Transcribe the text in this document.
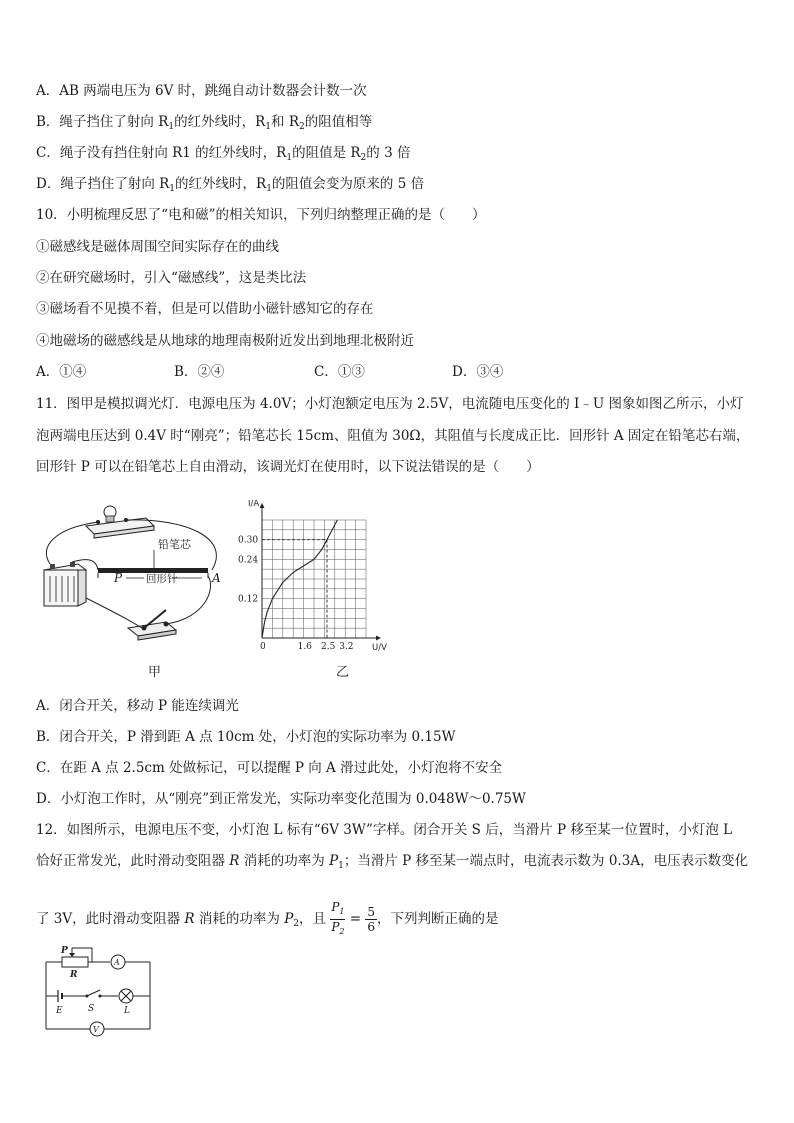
A．AB 两端电压为 6V 时，跳绳自动计数器会计数一次
B．绳子挡住了射向 $R_1$的红外线时，$R_1$和 $R_2$的阻值相等
C．绳子没有挡住射向 R1 的红外线时，$R_1$的阻值是 $R_2$的 3 倍
D．绳子挡住了射向 $R_1$的红外线时，$R_1$的阻值会变为原来的 5 倍
10．小明梳理反思了“电和磁”的相关知识，下列归纳整理正确的是（　　）
①磁感线是磁体周围空间实际存在的曲线
②在研究磁场时，引入“磁感线”，这是类比法
③磁场看不见摸不着，但是可以借助小磁针感知它的存在
④地磁场的磁感线是从地球的地理南极附近发出到地理北极附近
A．①④	B．②④	C．①③	D．③④
11．图甲是模拟调光灯．电源电压为 4.0V；小灯泡额定电压为 2.5V，电流随电压变化的 I﹣U 图象如图乙所示，小灯
泡两端电压达到 0.4V 时“刚亮”；铅笔芯长 15cm、阻值为 30Ω，其阻值与长度成正比．回形针 A 固定在铅笔芯右端，
回形针 P 可以在铅笔芯上自由滑动，该调光灯在使用时，以下说法错误的是（　　）
铅笔芯
P 回形针	A
甲
0	1.6 2.5 3.2
0.12
0.24
0.30
I/A
U/V
乙
A．闭合开关，移动 P 能连续调光
B．闭合开关，P 滑到距 A 点 10cm 处，小灯泡的实际功率为 0.15W
C．在距 A 点 2.5cm 处做标记，可以提醒 P 向 A 滑过此处，小灯泡将不安全
D．小灯泡工作时，从“刚亮”到正常发光，实际功率变化范围为 0.048W～0.75W
12．如图所示，电源电压不变，小灯泡 L 标有“6V 3W”字样。闭合开关 S 后，当滑片 P 移至某一位置时，小灯泡 L
恰好正常发光，此时滑动变阻器 R 消耗的功率为 $P_1$；当滑片 P 移至某一端点时，电流表示数为 0.3A，电压表示数变化
了 3V，此时滑动变阻器 R 消耗的功率为 $P_2$，且 $\frac{P_1}{P_2} = \frac{5}{6}$，下列判断正确的是
P
R
A
E	S	L
V
